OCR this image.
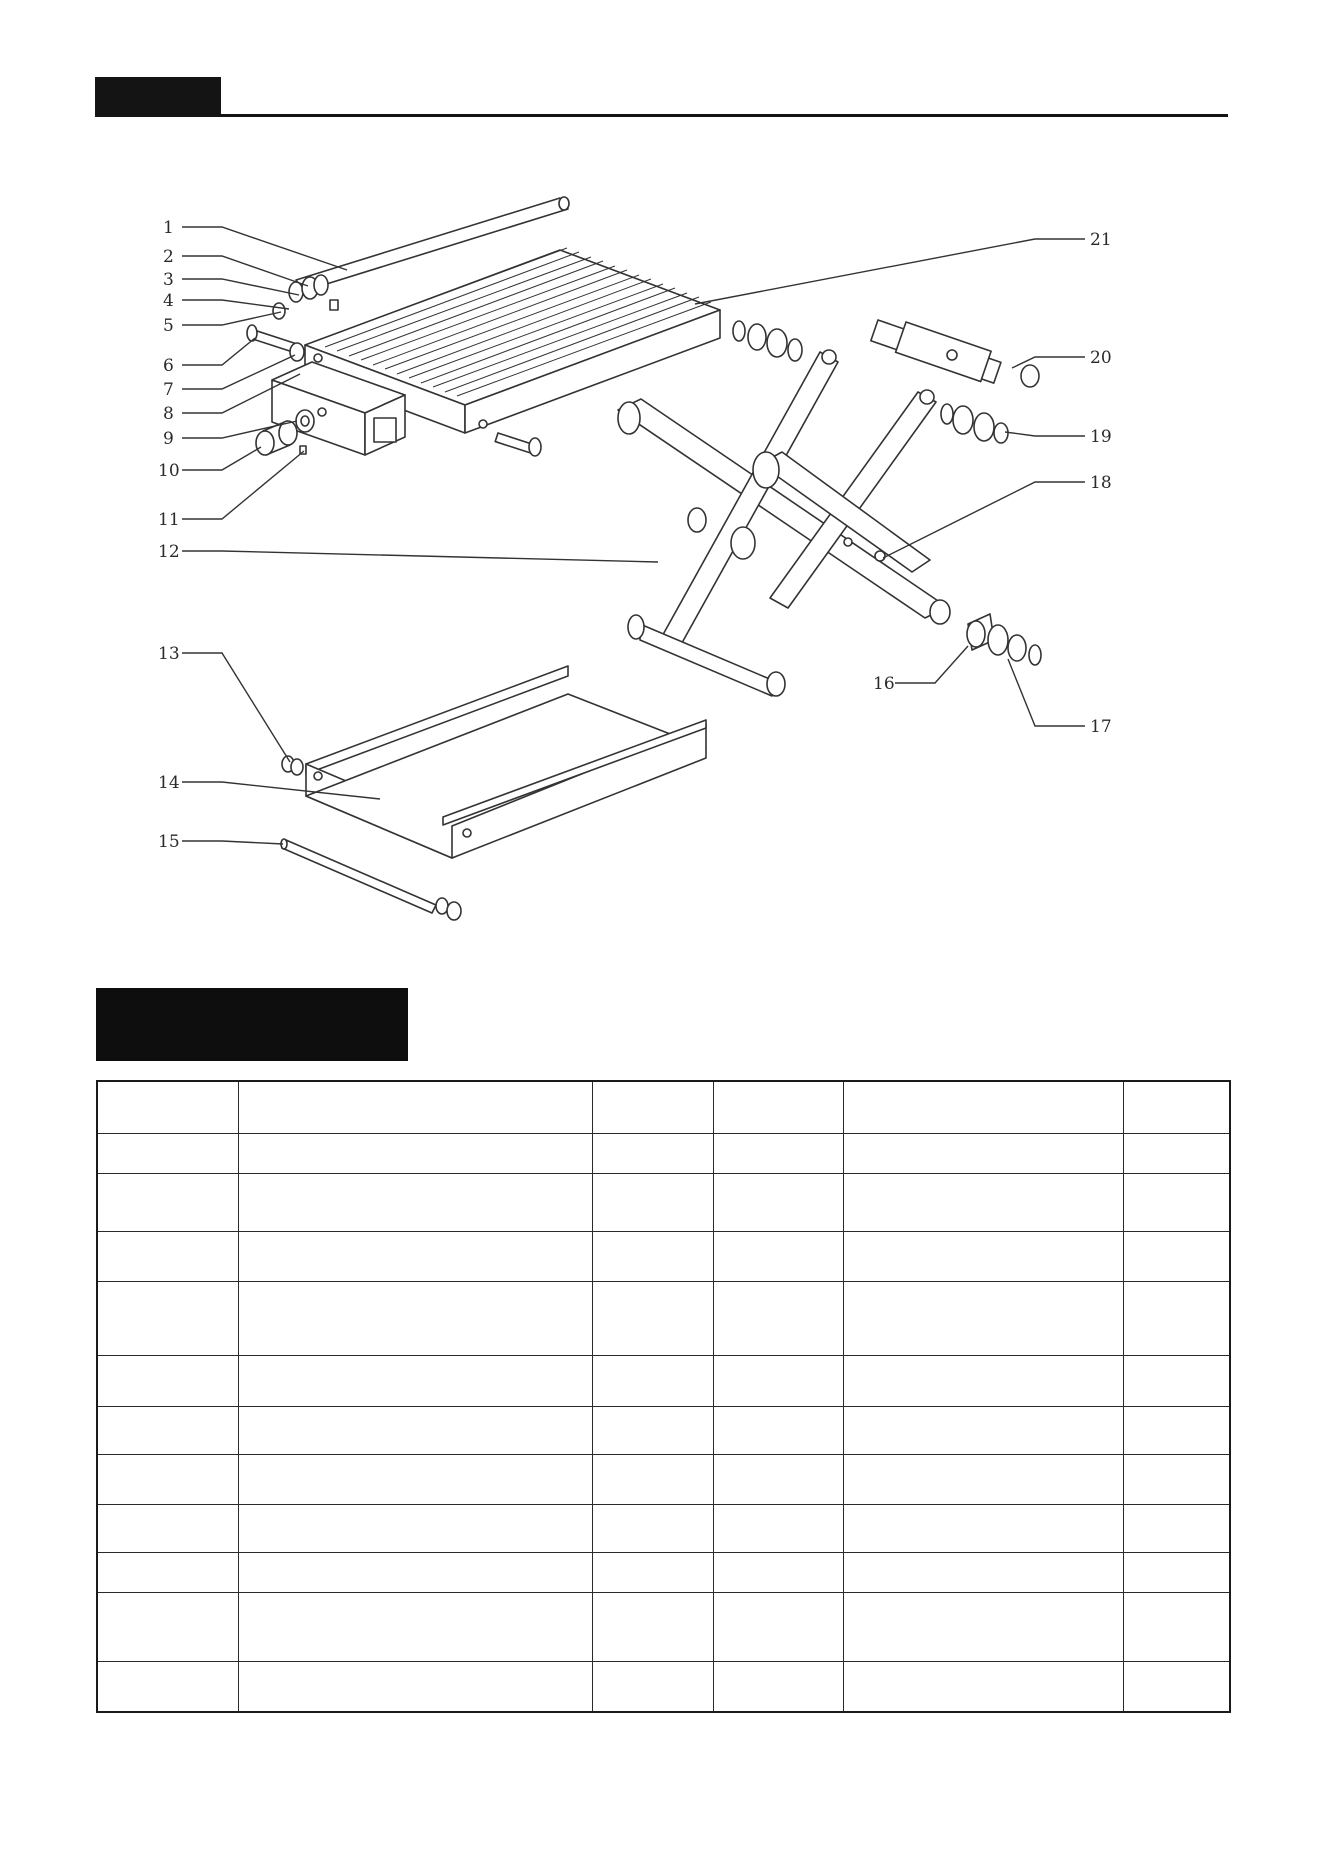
1
2
3
4
5
6
7
8
9
10
11
12
13
14
15
16
17
18
19
20
21
